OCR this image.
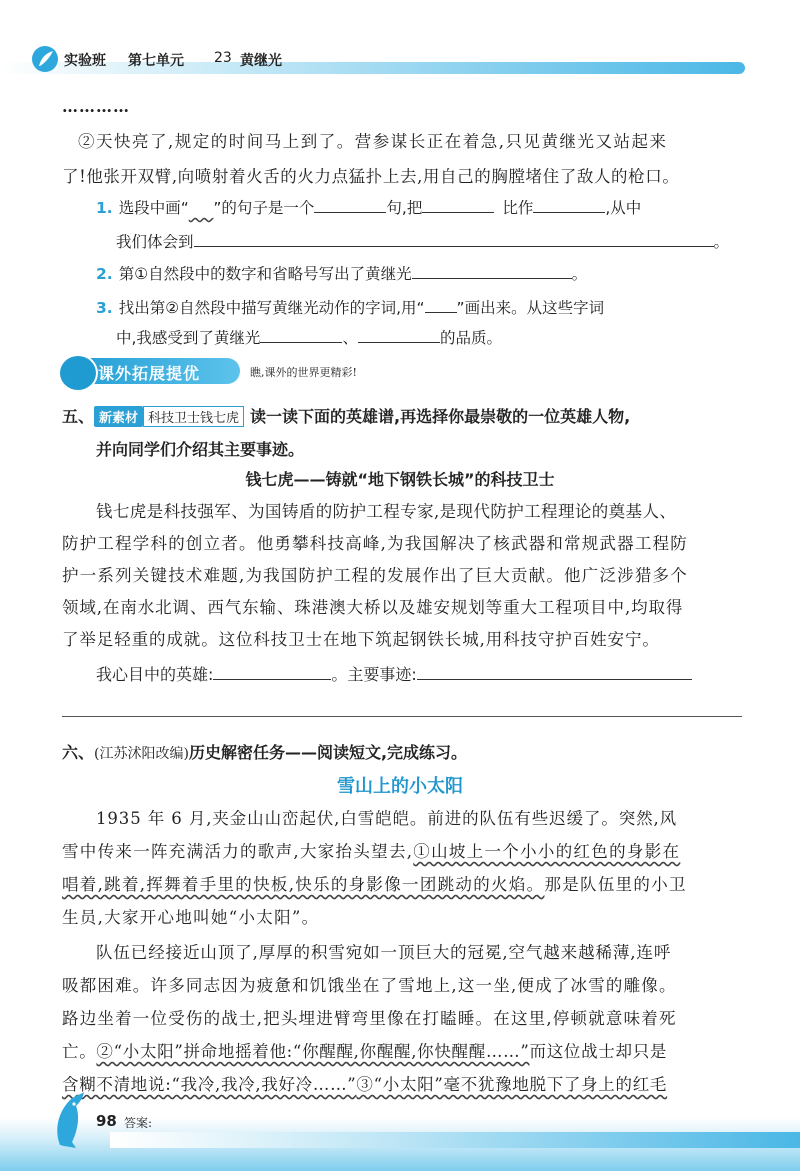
实验班 第七单元 23 黄继光
…………
②天快亮了,规定的时间马上到了。营参谋长正在着急,只见黄继光又站起来
了!他张开双臂,向喷射着火舌的火力点猛扑上去,用自己的胸膛堵住了敌人的枪口。
1. 选段中画“ ”的句子是一个	句,把	比作	,从中
我们体会到	。
2. 第①自然段中的数字和省略号写出了黄继光	。
3. 找出第②自然段中描写黄继光动作的字词,用“ ”画出来。从这些字词
中,我感受到了黄继光	、	的品质。
课外拓展提优	瞧,课外的世界更精彩!
五、 新素材 科技卫士钱七虎 读一读下面的英雄谱,再选择你最崇敬的一位英雄人物,
并向同学们介绍其主要事迹。
钱七虎——铸就“地下钢铁长城”的科技卫士
钱七虎是科技强军、为国铸盾的防护工程专家,是现代防护工程理论的奠基人、
防护工程学科的创立者。他勇攀科技高峰,为我国解决了核武器和常规武器工程防
护一系列关键技术难题,为我国防护工程的发展作出了巨大贡献。他广泛涉猎多个
领域,在南水北调、西气东输、珠港澳大桥以及雄安规划等重大工程项目中,均取得
了举足轻重的成就。这位科技卫士在地下筑起钢铁长城,用科技守护百姓安宁。
我心目中的英雄:	。主要事迹:
六、(江苏沭阳改编)历史解密任务——阅读短文,完成练习。
雪山上的小太阳
1935 年 6 月,夹金山山峦起伏,白雪皑皑。前进的队伍有些迟缓了。突然,风
雪中传来一阵充满活力的歌声,大家抬头望去,①山坡上一个小小的红色的身影在
唱着,跳着,挥舞着手里的快板,快乐的身影像一团跳动的火焰。那是队伍里的小卫
生员,大家开心地叫她“小太阳”。
队伍已经接近山顶了,厚厚的积雪宛如一顶巨大的冠冕,空气越来越稀薄,连呼
吸都困难。许多同志因为疲惫和饥饿坐在了雪地上,这一坐,便成了冰雪的雕像。
路边坐着一位受伤的战士,把头埋进臂弯里像在打瞌睡。在这里,停顿就意味着死
亡。②“小太阳”拼命地摇着他:“你醒醒,你醒醒,你快醒醒……”而这位战士却只是
含糊不清地说:“我冷,我冷,我好冷……”③“小太阳”毫不犹豫地脱下了身上的红毛
98 答案:
